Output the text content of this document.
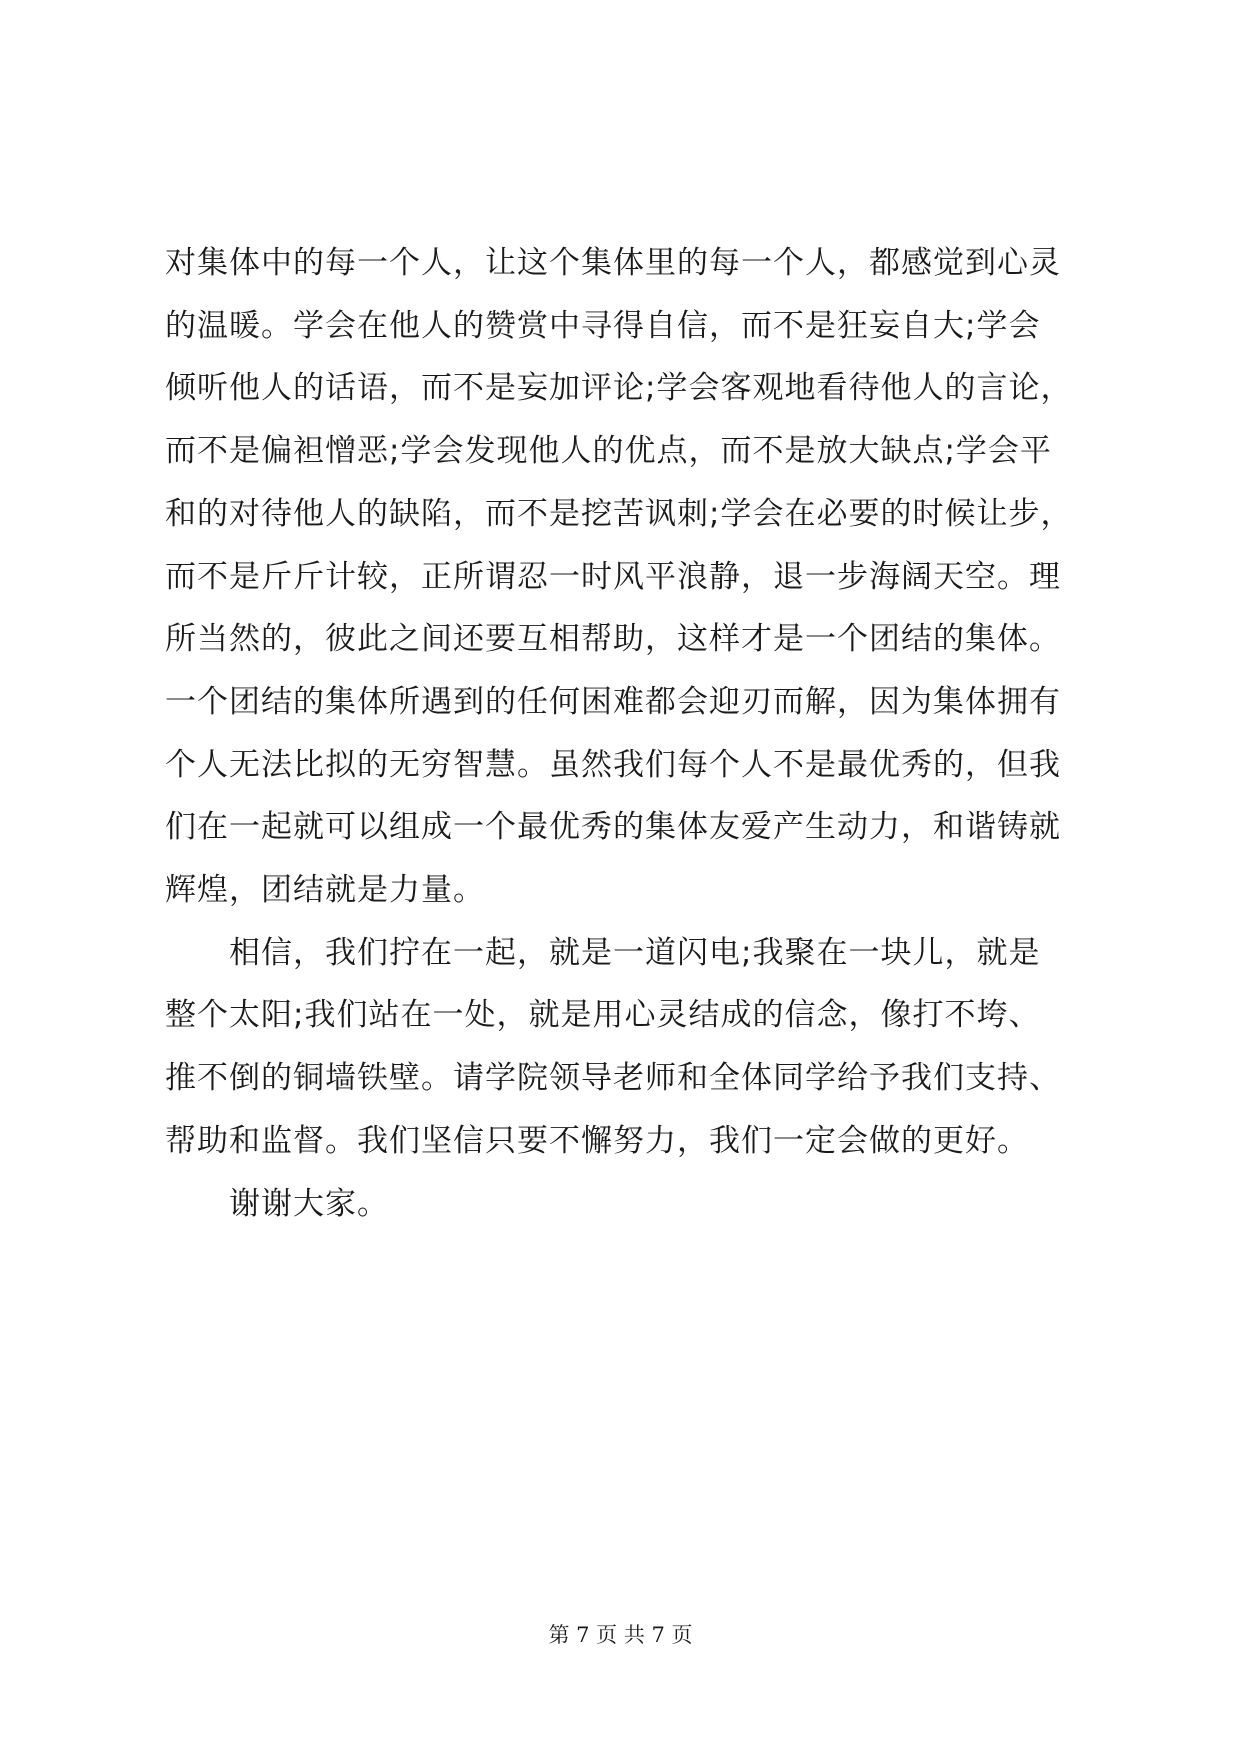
对集体中的每一个人，让这个集体里的每一个人，都感觉到心灵
的温暖。学会在他人的赞赏中寻得自信，而不是狂妄自大;学会
倾听他人的话语，而不是妄加评论;学会客观地看待他人的言论，
而不是偏袒憎恶;学会发现他人的优点，而不是放大缺点;学会平
和的对待他人的缺陷，而不是挖苦讽刺;学会在必要的时候让步，
而不是斤斤计较，正所谓忍一时风平浪静，退一步海阔天空。理
所当然的，彼此之间还要互相帮助，这样才是一个团结的集体。
一个团结的集体所遇到的任何困难都会迎刃而解，因为集体拥有
个人无法比拟的无穷智慧。虽然我们每个人不是最优秀的，但我
们在一起就可以组成一个最优秀的集体友爱产生动力，和谐铸就
辉煌，团结就是力量。
相信，我们拧在一起，就是一道闪电;我聚在一块儿，就是
整个太阳;我们站在一处，就是用心灵结成的信念，像打不垮、
推不倒的铜墙铁壁。请学院领导老师和全体同学给予我们支持、
帮助和监督。我们坚信只要不懈努力，我们一定会做的更好。
谢谢大家。
第 7 页 共 7 页
